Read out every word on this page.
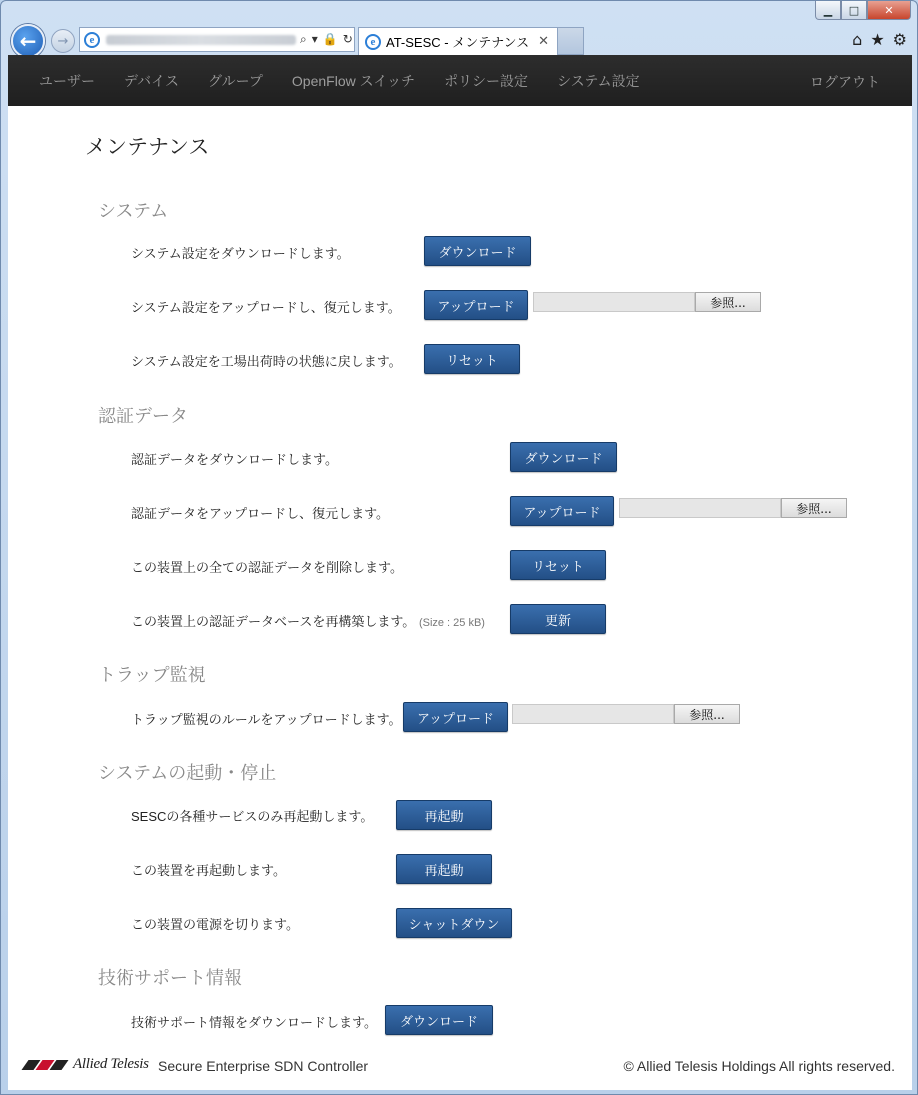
▁	□	✕
←	→	e	⌕ ▾ 🔒 ↻	e AT-SESC - メンテナンス ✕	⌂ ★ ⚙
ユーザー デバイス グループ OpenFlow スイッチ ポリシー設定 システム設定	ログアウト
メンテナンス
システム
システム設定をダウンロードします。	ダウンロード
システム設定をアップロードし、復元します。	アップロード	参照...
システム設定を工場出荷時の状態に戻します。	リセット
認証データ
認証データをダウンロードします。	ダウンロード
認証データをアップロードし、復元します。	アップロード	参照...
この装置上の全ての認証データを削除します。	リセット
この装置上の認証データベースを再構築します。 (Size : 25 kB)	更新
トラップ監視
トラップ監視のルールをアップロードします。	アップロード	参照...
システムの起動・停止
SESCの各種サービスのみ再起動します。	再起動
この装置を再起動します。	再起動
この装置の電源を切ります。	シャットダウン
技術サポート情報
技術サポート情報をダウンロードします。	ダウンロード
Allied Telesis Secure Enterprise SDN Controller	© Allied Telesis Holdings All rights reserved.
